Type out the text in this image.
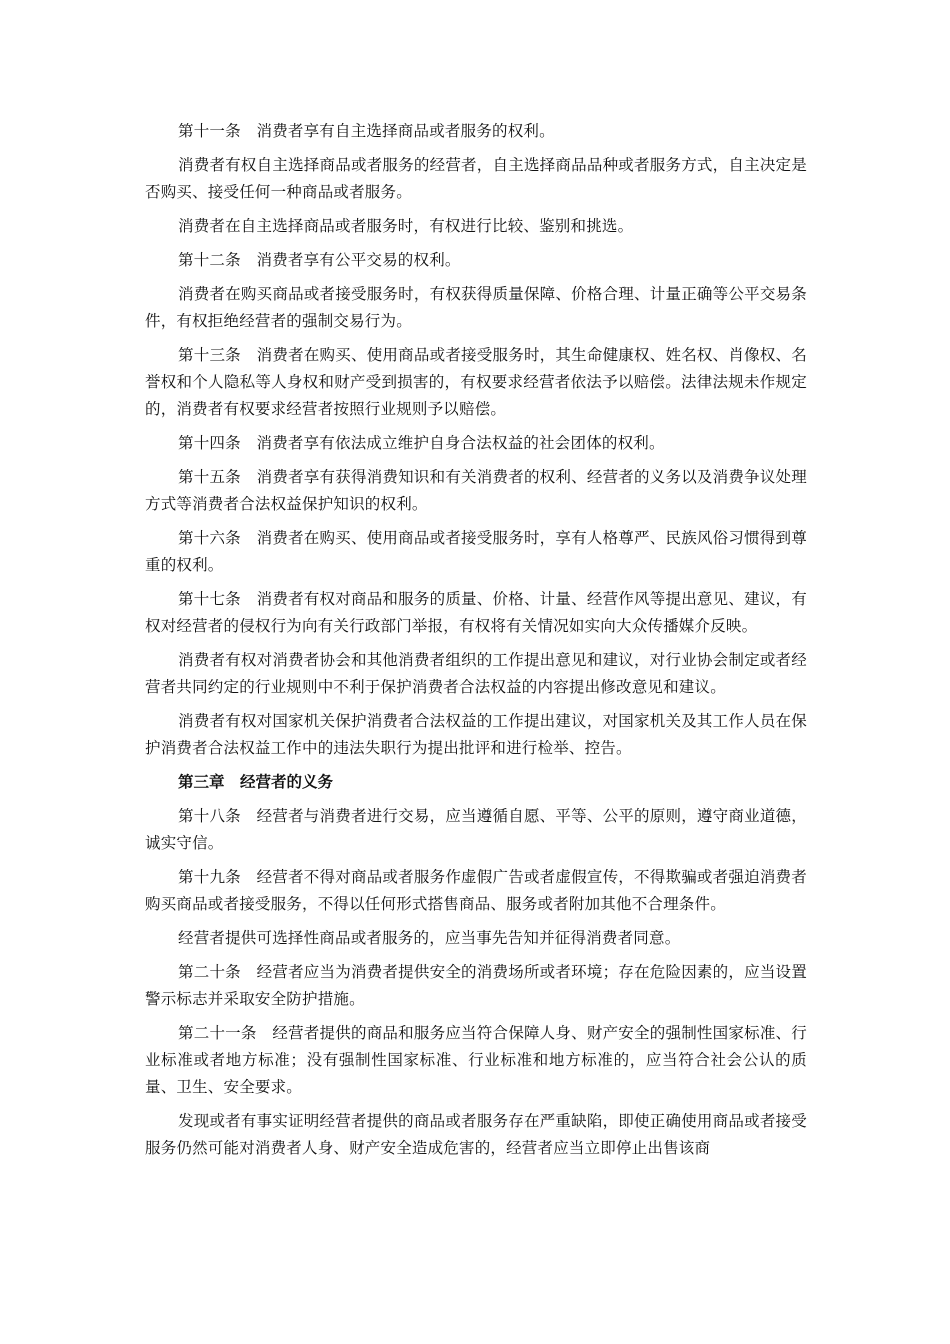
第十一条　消费者享有自主选择商品或者服务的权利。

消费者有权自主选择商品或者服务的经营者，自主选择商品品种或者服务方式，自主决定是否购买、接受任何一种商品或者服务。

消费者在自主选择商品或者服务时，有权进行比较、鉴别和挑选。

第十二条　消费者享有公平交易的权利。

消费者在购买商品或者接受服务时，有权获得质量保障、价格合理、计量正确等公平交易条件，有权拒绝经营者的强制交易行为。

第十三条　消费者在购买、使用商品或者接受服务时，其生命健康权、姓名权、肖像权、名誉权和个人隐私等人身权和财产受到损害的，有权要求经营者依法予以赔偿。法律法规未作规定的，消费者有权要求经营者按照行业规则予以赔偿。

第十四条　消费者享有依法成立维护自身合法权益的社会团体的权利。

第十五条　消费者享有获得消费知识和有关消费者的权利、经营者的义务以及消费争议处理方式等消费者合法权益保护知识的权利。

第十六条　消费者在购买、使用商品或者接受服务时，享有人格尊严、民族风俗习惯得到尊重的权利。

第十七条　消费者有权对商品和服务的质量、价格、计量、经营作风等提出意见、建议，有权对经营者的侵权行为向有关行政部门举报，有权将有关情况如实向大众传播媒介反映。

消费者有权对消费者协会和其他消费者组织的工作提出意见和建议，对行业协会制定或者经营者共同约定的行业规则中不利于保护消费者合法权益的内容提出修改意见和建议。

消费者有权对国家机关保护消费者合法权益的工作提出建议，对国家机关及其工作人员在保护消费者合法权益工作中的违法失职行为提出批评和进行检举、控告。

第三章　经营者的义务

第十八条　经营者与消费者进行交易，应当遵循自愿、平等、公平的原则，遵守商业道德，诚实守信。

第十九条　经营者不得对商品或者服务作虚假广告或者虚假宣传，不得欺骗或者强迫消费者购买商品或者接受服务，不得以任何形式搭售商品、服务或者附加其他不合理条件。

经营者提供可选择性商品或者服务的，应当事先告知并征得消费者同意。

第二十条　经营者应当为消费者提供安全的消费场所或者环境；存在危险因素的，应当设置警示标志并采取安全防护措施。

第二十一条　经营者提供的商品和服务应当符合保障人身、财产安全的强制性国家标准、行业标准或者地方标准；没有强制性国家标准、行业标准和地方标准的，应当符合社会公认的质量、卫生、安全要求。

发现或者有事实证明经营者提供的商品或者服务存在严重缺陷，即使正确使用商品或者接受服务仍然可能对消费者人身、财产安全造成危害的，经营者应当立即停止出售该商
